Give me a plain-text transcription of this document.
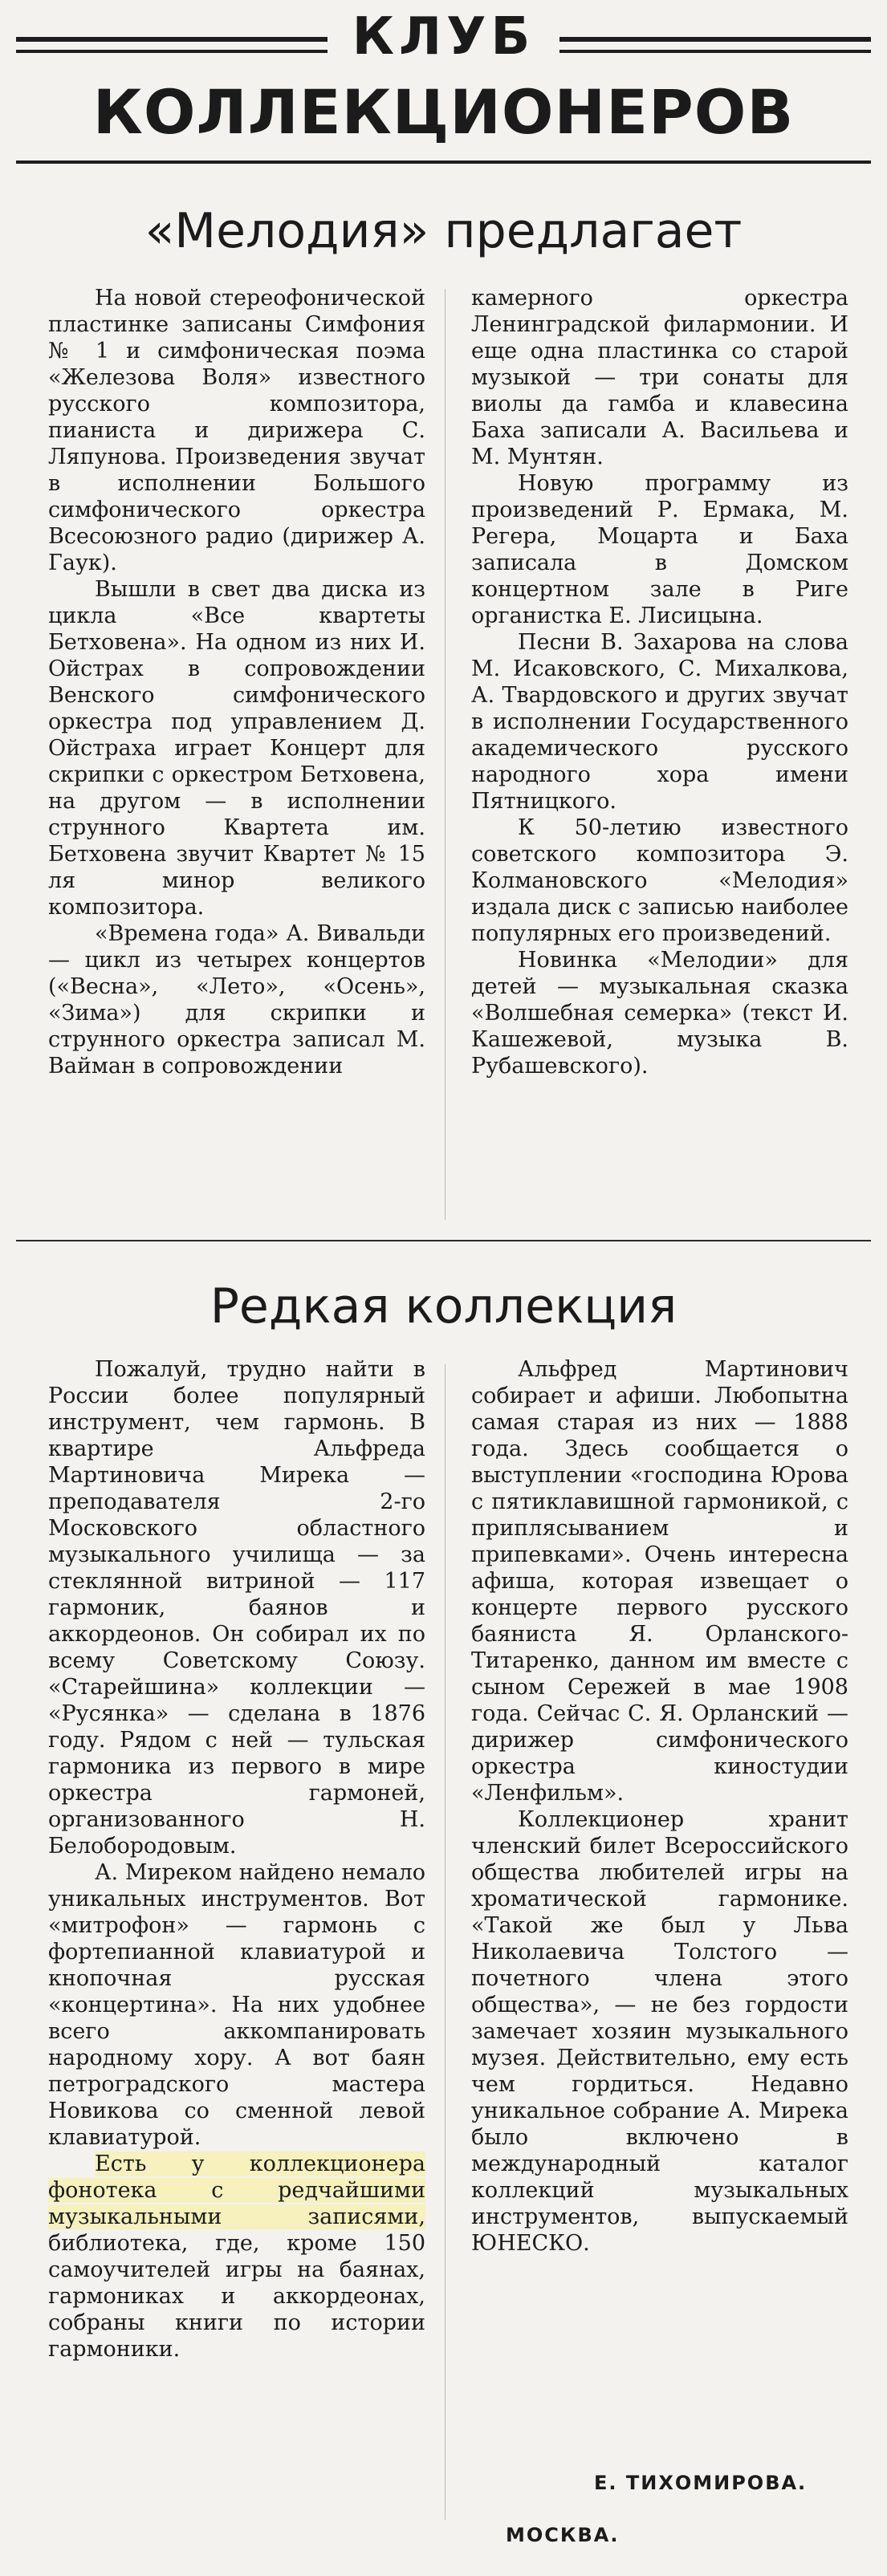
КЛУБ
КОЛЛЕКЦИОНЕРОВ
«Мелодия» предлагает

На новой стереофонической пластинке записаны Симфония № 1 и симфоническая поэма «Железова Воля» известного русского композитора, пианиста и дирижера С. Ляпунова. Произведения звучат в исполнении Большого симфонического оркестра Всесоюзного радио (дирижер А. Гаук).

Вышли в свет два диска из цикла «Все квартеты Бетховена». На одном из них И. Ойстрах в сопровождении Венского симфонического оркестра под управлением Д. Ойстраха играет Концерт для скрипки с оркестром Бетховена, на другом — в исполнении струнного Квартета им. Бетховена звучит Квартет № 15 ля минор великого композитора.

«Времена года» А. Вивальди — цикл из четырех концертов («Весна», «Лето», «Осень», «Зима») для скрипки и струнного оркестра записал М. Вайман в сопровождении

камерного оркестра Ленинградской филармонии. И еще одна пластинка со старой музыкой — три сонаты для виолы да гамба и клавесина Баха записали А. Васильева и М. Мунтян.

Новую программу из произведений Р. Ермака, М. Регера, Моцарта и Баха записала в Домском концертном зале в Риге органистка Е. Лисицына.

Песни В. Захарова на слова М. Исаковского, С. Михалкова, А. Твардовского и других звучат в исполнении Государственного академического русского народного хора имени Пятницкого.

К 50-летию известного советского композитора Э. Колмановского «Мелодия» издала диск с записью наиболее популярных его произведений.

Новинка «Мелодии» для детей — музыкальная сказка «Волшебная семерка» (текст И. Кашежевой, музыка В. Рубашевского).

Редкая коллекция

Пожалуй, трудно найти в России более популярный инструмент, чем гармонь. В квартире Альфреда Мартиновича Мирека — преподавателя 2-го Московского областного музыкального училища — за стеклянной витриной — 117 гармоник, баянов и аккордеонов. Он собирал их по всему Советскому Союзу. «Старейшина» коллекции — «Русянка» — сделана в 1876 году. Рядом с ней — тульская гармоника из первого в мире оркестра гармоней, организованного Н. Белобородовым.

А. Миреком найдено немало уникальных инструментов. Вот «митрофон» — гармонь с фортепианной клавиатурой и кнопочная русская «концертина». На них удобнее всего аккомпанировать народному хору. А вот баян петроградского мастера Новикова со сменной левой клавиатурой.

Есть у коллекционера фонотека с редчайшими музыкальными записями, библиотека, где, кроме 150 самоучителей игры на баянах, гармониках и аккордеонах, собраны книги по истории гармоники.

Альфред Мартинович собирает и афиши. Любопытна самая старая из них — 1888 года. Здесь сообщается о выступлении «господина Юрова с пятиклавишной гармоникой, с приплясыванием и припевками». Очень интересна афиша, которая извещает о концерте первого русского баяниста Я. Орланского-Титаренко, данном им вместе с сыном Сережей в мае 1908 года. Сейчас С. Я. Орланский — дирижер симфонического оркестра киностудии «Ленфильм».

Коллекционер хранит членский билет Всероссийского общества любителей игры на хроматической гармонике. «Такой же был у Льва Николаевича Толстого — почетного члена этого общества», — не без гордости замечает хозяин музыкального музея. Действительно, ему есть чем гордиться. Недавно уникальное собрание А. Мирека было включено в международный каталог коллекций музыкальных инструментов, выпускаемый ЮНЕСКО.

Е. ТИХОМИРОВА.
МОСКВА.
